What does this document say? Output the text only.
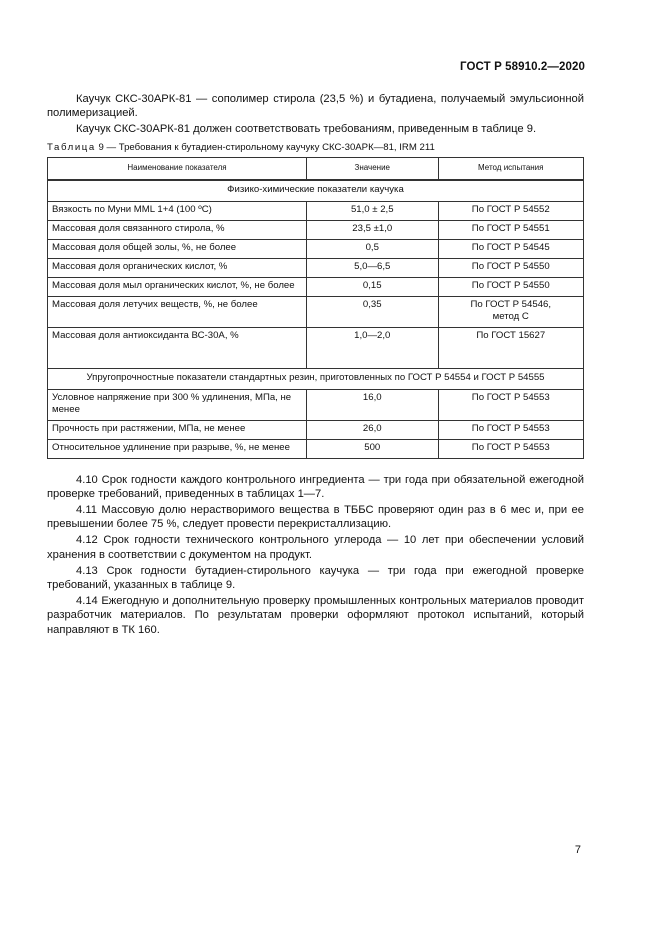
ГОСТ Р 58910.2—2020

Каучук СКС-30АРК-81 — сополимер стирола (23,5 %) и бутадиена, получаемый эмульсионной полимеризацией.

Каучук СКС-30АРК-81 должен соответствовать требованиям, приведенным в таблице 9.

Таблица 9 — Требования к бутадиен-стирольному каучуку СКС-30АРК—81, IRM 211
Наименование показателя	Значение	Метод испытания
Физико-химические показатели каучука		
Вязкость по Муни MML 1+4 (100 ºС)	51,0 ± 2,5	По ГОСТ Р 54552
Массовая доля связанного стирола, %	23,5 ±1,0	По ГОСТ Р 54551
Массовая доля общей золы, %, не более	0,5	По ГОСТ Р 54545
Массовая доля органических кислот, %	5,0—6,5	По ГОСТ Р 54550
Массовая доля мыл органических кислот, %, не более	0,15	По ГОСТ Р 54550
Массовая доля летучих веществ, %, не более	0,35	По ГОСТ Р 54546,
метод С

Массовая доля антиоксиданта ВС-30А, %	1,0—2,0	По ГОСТ 15627
Упругопрочностные показатели стандартных резин, приготовленных по ГОСТ Р 54554 и ГОСТ Р 54555		
Условное напряжение при 300 % удлинения, МПа, не менее	16,0	По ГОСТ Р 54553
Прочность при растяжении, МПа, не менее	26,0	По ГОСТ Р 54553
Относительное удлинение при разрыве, %, не менее	500	По ГОСТ Р 54553

4.10 Срок годности каждого контрольного ингредиента — три года при обязательной ежегодной проверке требований, приведенных в таблицах 1—7.

4.11 Массовую долю нерастворимого вещества в ТББС проверяют один раз в 6 мес и, при ее превышении более 75 %, следует провести перекристаллизацию.

4.12 Срок годности технического контрольного углерода — 10 лет при обеспечении условий хранения в соответствии с документом на продукт.

4.13 Срок годности бутадиен-стирольного каучука — три года при ежегодной проверке требований, указанных в таблице 9.

4.14 Ежегодную и дополнительную проверку промышленных контрольных материалов проводит разработчик материалов. По результатам проверки оформляют протокол испытаний, который направляют в ТК 160.

7
